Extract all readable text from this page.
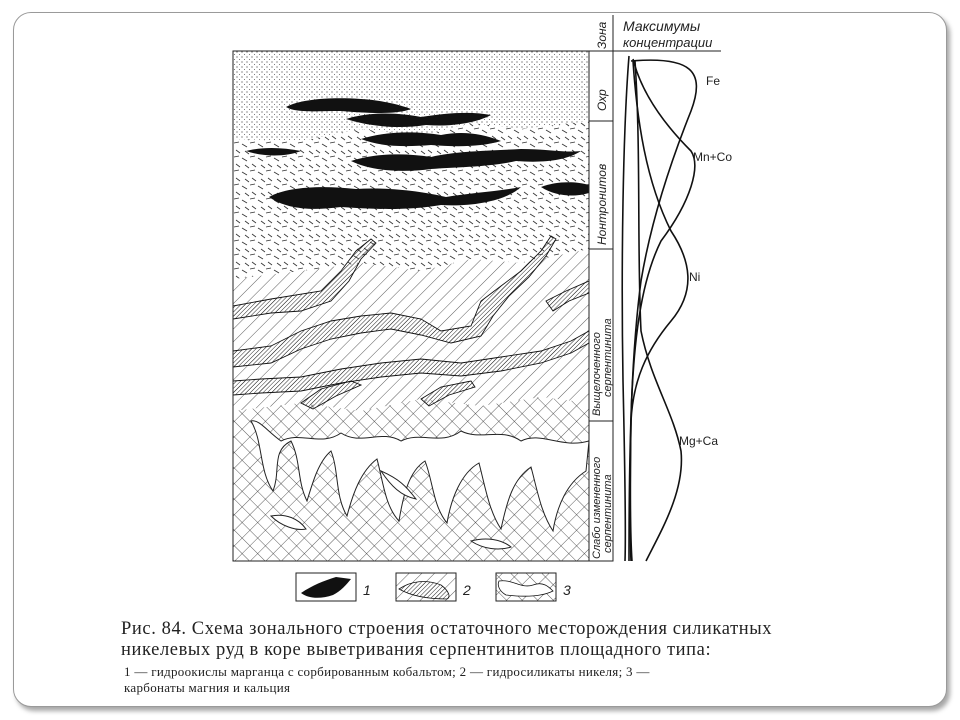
Зона
Охр
Нонтронитов
Выщелоченного серпентинита
Слабо измененного серпентинита
Максимумы
концентрации
Fe
Mn+Co
Ni
Mg+Ca
1	2	3
Рис. 84. Схема зонального строения остаточного месторождения силикатных
никелевых руд в коре выветривания серпентинитов площадного типа:
1 — гидроокислы марганца с сорбированным кобальтом; 2 — гидросиликаты никеля; 3 —
карбонаты магния и кальция
